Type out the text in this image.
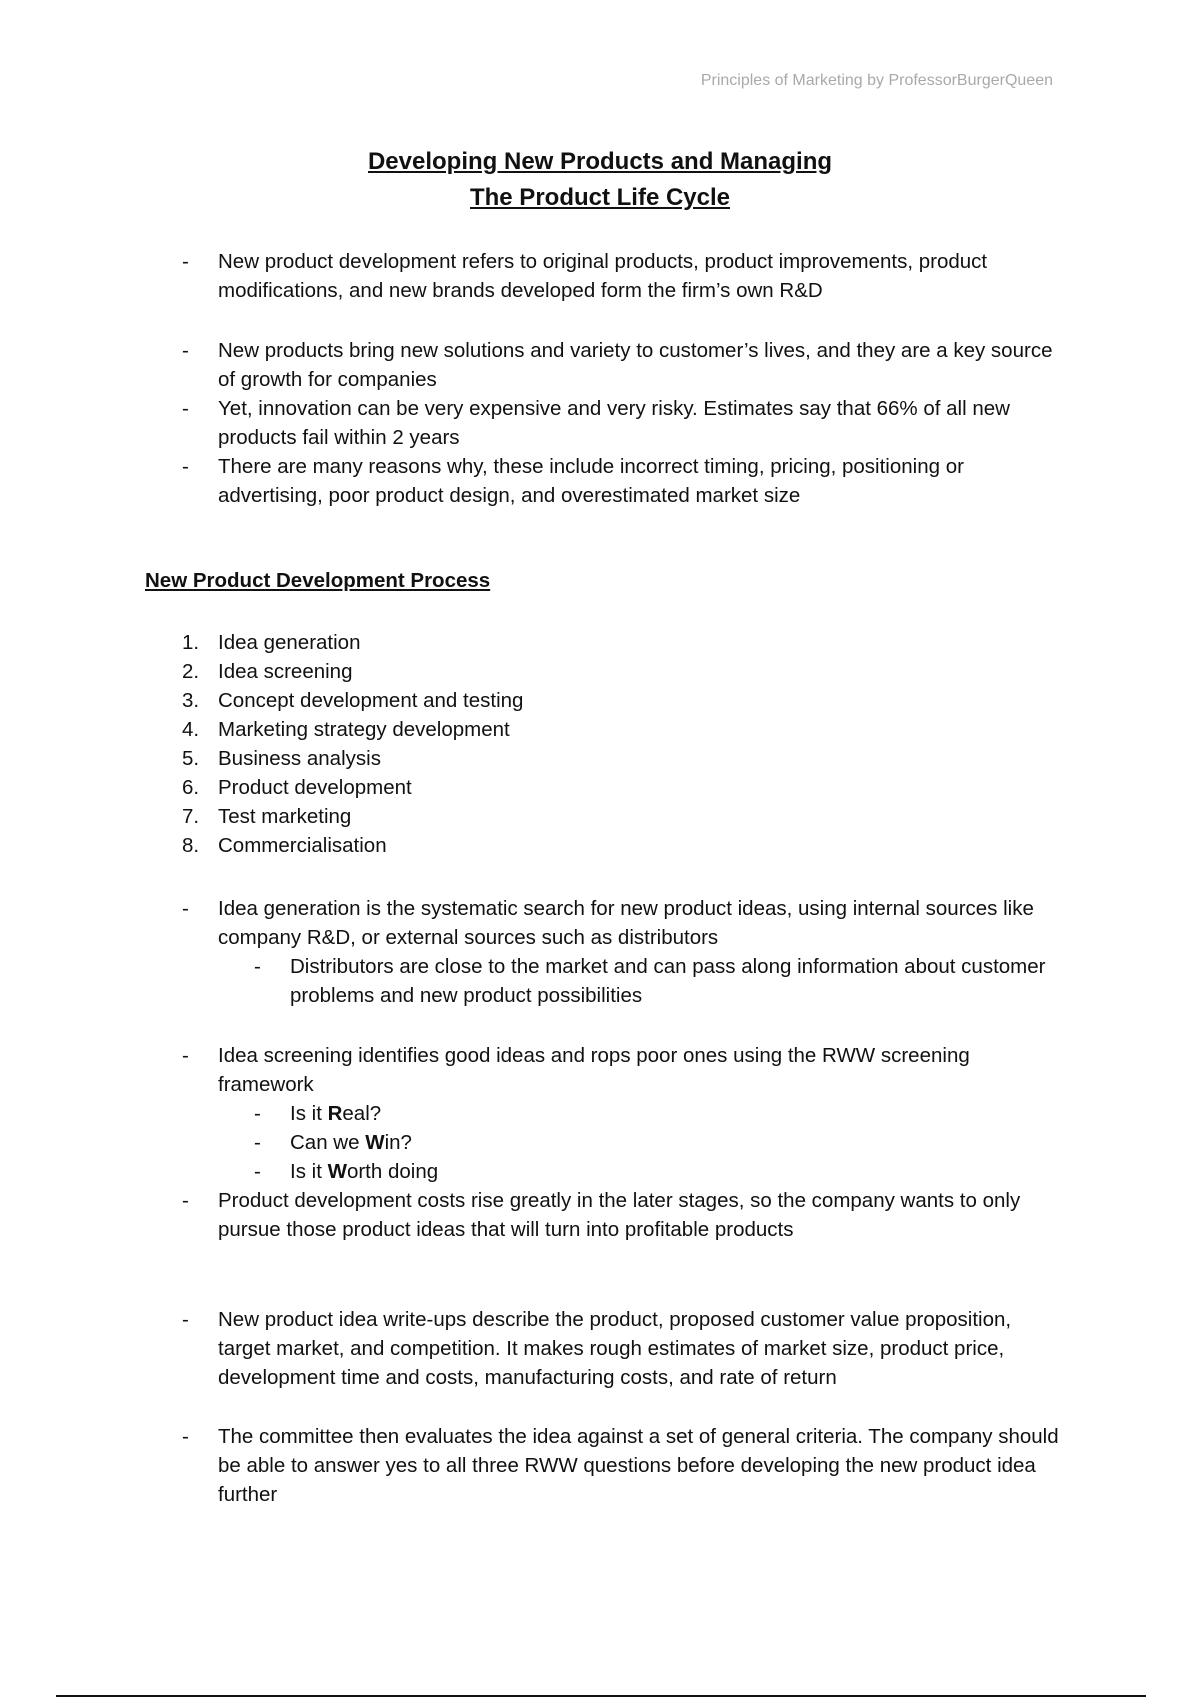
Principles of Marketing by ProfessorBurgerQueen
Developing New Products and Managing
The Product Life Cycle
- New product development refers to original products, product improvements, product modifications, and new brands developed form the firm’s own R&D
- New products bring new solutions and variety to customer’s lives, and they are a key source of growth for companies
- Yet, innovation can be very expensive and very risky. Estimates say that 66% of all new products fail within 2 years
- There are many reasons why, these include incorrect timing, pricing, positioning or advertising, poor product design, and overestimated market size
New Product Development Process
1. Idea generation
2. Idea screening
3. Concept development and testing
4. Marketing strategy development
5. Business analysis
6. Product development
7. Test marketing
8. Commercialisation
- Idea generation is the systematic search for new product ideas, using internal sources like company R&D, or external sources such as distributors
- Distributors are close to the market and can pass along information about customer problems and new product possibilities
- Idea screening identifies good ideas and rops poor ones using the RWW screening framework
- Is it Real?
- Can we Win?
- Is it Worth doing
- Product development costs rise greatly in the later stages, so the company wants to only pursue those product ideas that will turn into profitable products
- New product idea write-ups describe the product, proposed customer value proposition, target market, and competition. It makes rough estimates of market size, product price, development time and costs, manufacturing costs, and rate of return
- The committee then evaluates the idea against a set of general criteria. The company should be able to answer yes to all three RWW questions before developing the new product idea further
